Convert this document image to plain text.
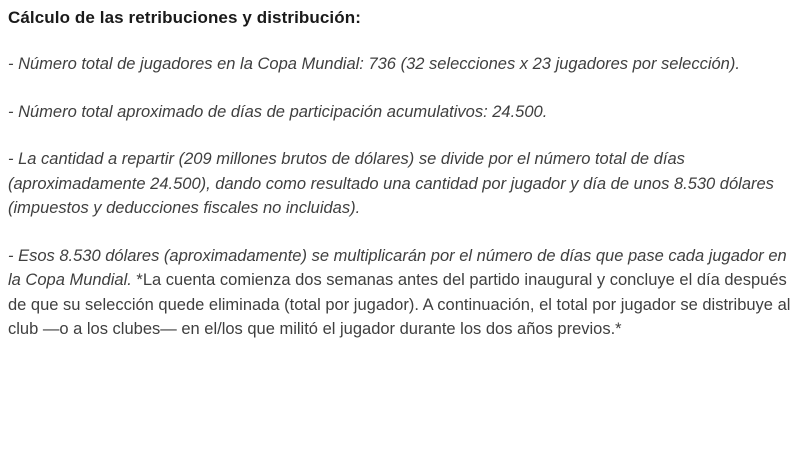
Cálculo de las retribuciones y distribución:

- Número total de jugadores en la Copa Mundial: 736 (32 selecciones x 23 jugadores por selección).

- Número total aproximado de días de participación acumulativos: 24.500.

- La cantidad a repartir (209 millones brutos de dólares) se divide por el número total de días (aproximadamente 24.500), dando como resultado una cantidad por jugador y día de unos 8.530 dólares (impuestos y deducciones fiscales no incluidas).

- Esos 8.530 dólares (aproximadamente) se multiplicarán por el número de días que pase cada jugador en la Copa Mundial. *La cuenta comienza dos semanas antes del partido inaugural y concluye el día después de que su selección quede eliminada (total por jugador). A continuación, el total por jugador se distribuye al club —o a los clubes— en el/los que militó el jugador durante los dos años previos.*
